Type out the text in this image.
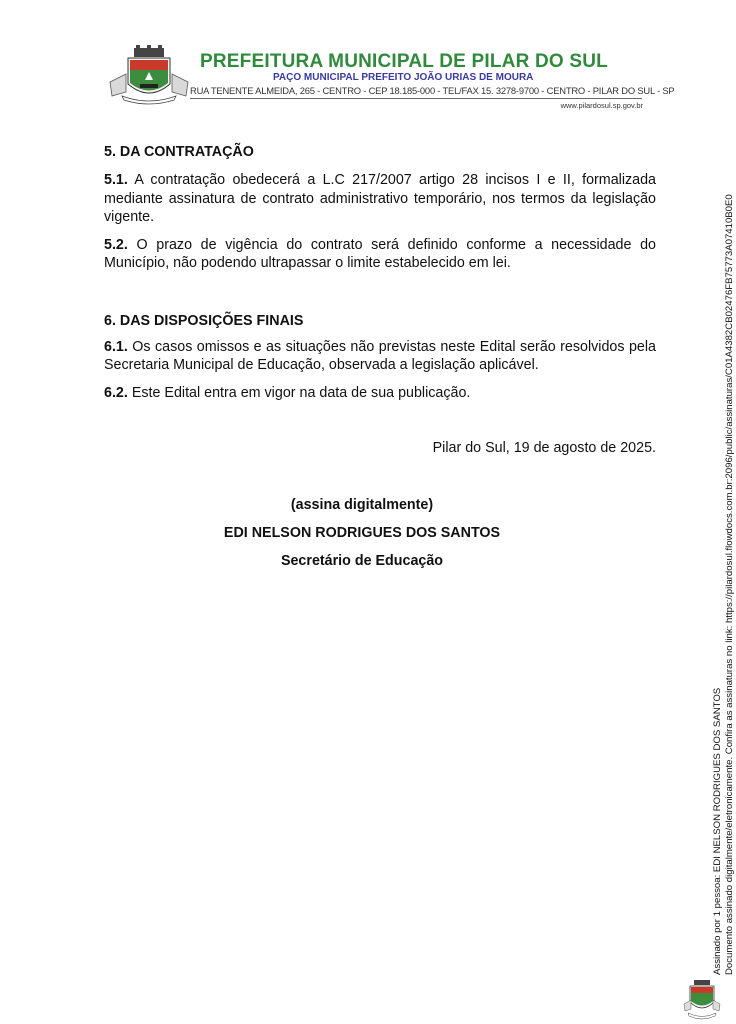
PREFEITURA MUNICIPAL DE PILAR DO SUL
PAÇO MUNICIPAL PREFEITO JOÃO URIAS DE MOURA
RUA TENENTE ALMEIDA, 265 - CENTRO - CEP 18.185-000 - TEL/FAX 15. 3278-9700 - CENTRO - PILAR DO SUL - SP
www.pilardosul.sp.gov.br

5. DA CONTRATAÇÃO

5.1. A contratação obedecerá a L.C 217/2007 artigo 28 incisos I e II, formalizada mediante assinatura de contrato administrativo temporário, nos termos da legislação vigente.

5.2. O prazo de vigência do contrato será definido conforme a necessidade do Município, não podendo ultrapassar o limite estabelecido em lei.

6. DAS DISPOSIÇÕES FINAIS

6.1. Os casos omissos e as situações não previstas neste Edital serão resolvidos pela Secretaria Municipal de Educação, observada a legislação aplicável.

6.2. Este Edital entra em vigor na data de sua publicação.

Pilar do Sul, 19 de agosto de 2025.
(assina digitalmente)
EDI NELSON RODRIGUES DOS SANTOS
Secretário de Educação
Assinado por 1 pessoa: EDI NELSON RODRIGUES DOS SANTOS Documento assinado digitalmente/eletronicamente. Confira as assinaturas no link: https://pilardosul.flowdocs.com.br:2096/public/assinaturas/C01A4382CB02476FB75773A07410B0E0
